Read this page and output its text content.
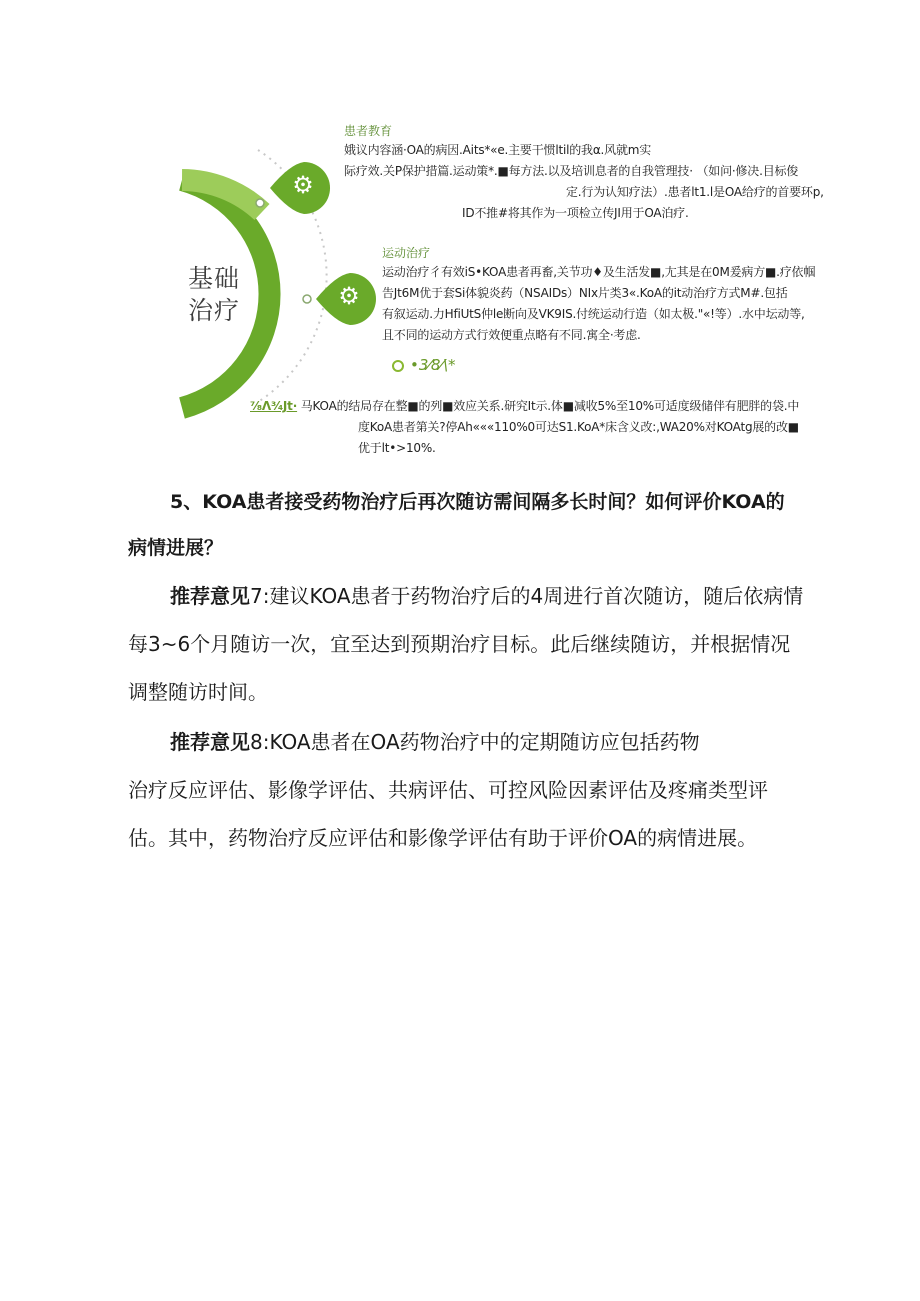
⚙
⚙
基础
治疗
患者教育
娥议内容涵·OA的病因.Aits*«e.主要干惯ltil的我α.风就m实
际疗效.关P保护措篇.运动策*.■每方法.以及培训息者的自我管理技· （如问·修决.目标俊
定.行为认知疗法）.患者lt1.l是OA给疗的首要环p,
ID不推#将其作为一项检立传JI用于OA泊疗.
运动治疗
运动治疗彳有效iS•KOA患者再畜,关节功♦及生活发■,尢其是在0M爰病方■.疗依帼
告Jt6M优于套Si体貌炎药（NSAIDs）NIx片类3«.KoA的it动治疗方式M#.包括
有叙运动.力HfiUtS仲le断向及VK9IS.付统运动行造（如太极."«!等）.水中坛动等,
且不同的运动方式行效便重点略有不同.寓全·考虑.
•3⁄8⁄\*
⁷⁄₈Λ³⁄₄Jt· 马KOA的结局存在整■的列■效应关系.研究It示.体■减收5%至10%可适度级储伴有肥胖的袋.中
度KoA患者第关?停Ah«««110%0可达S1.KoA*床含义改:,WA20%对KOAtg展的改■
优于lt•>10%.
5、KOA患者接受药物治疗后再次随访需间隔多长时间？如何评价KOA的
病情进展？
推荐意见7:建议KOA患者于药物治疗后的4周进行首次随访，随后依病情
每3~6个月随访一次，宜至达到预期治疗目标。此后继续随访，并根据情况
调整随访时间。
推荐意见8:KOA患者在OA药物治疗中的定期随访应包括药物
治疗反应评估、影像学评估、共病评估、可控风险因素评估及疼痛类型评
估。其中，药物治疗反应评估和影像学评估有助于评价OA的病情进展。
